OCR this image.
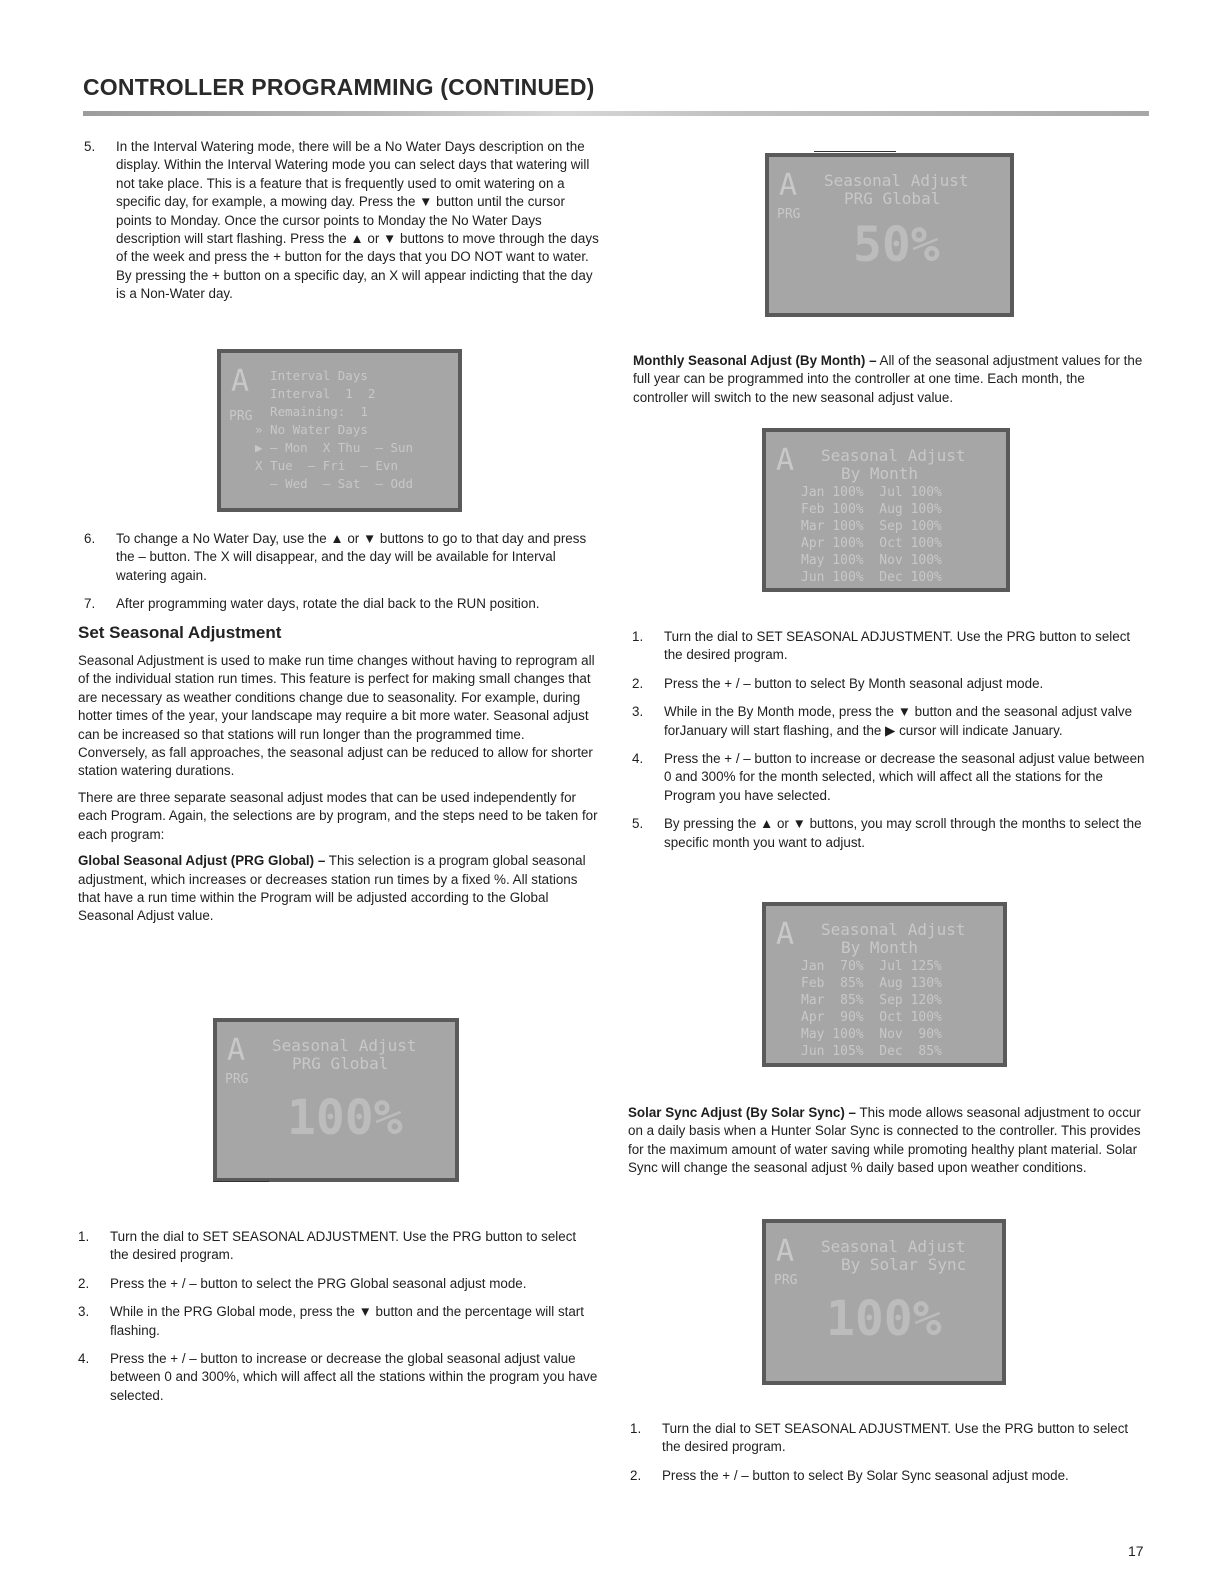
CONTROLLER PROGRAMMING (CONTINUED)
5. In the Interval Watering mode, there will be a No Water Days description on the display. Within the Interval Watering mode you can select days that watering will not take place. This is a feature that is frequently used to omit watering on a specific day, for example, a mowing day. Press the ▼ button until the cursor points to Monday. Once the cursor points to Monday the No Water Days description will start flashing. Press the ▲ or ▼ buttons to move through the days of the week and press the + button for the days that you DO NOT want to water. By pressing the + button on a specific day, an X will appear indicting that the day is a Non-Water day.
A
PRG
Interval Days
Interval  1  2
Remaining:  1
» No Water Days
▶ – Mon  X Thu  – Sun
X Tue  – Fri  – Evn
– Wed  – Sat  – Odd
6. To change a No Water Day, use the ▲ or ▼ buttons to go to that day and press the – button. The X will disappear, and the day will be available for Interval watering again.
7. After programming water days, rotate the dial back to the RUN position.
Set Seasonal Adjustment

Seasonal Adjustment is used to make run time changes without having to reprogram all of the individual station run times. This feature is perfect for making small changes that are necessary as weather conditions change due to seasonality. For example, during hotter times of the year, your landscape may require a bit more water. Seasonal adjust can be increased so that stations will run longer than the programmed time. Conversely, as fall approaches, the seasonal adjust can be reduced to allow for shorter station watering durations.

There are three separate seasonal adjust modes that can be used independently for each Program. Again, the selections are by program, and the steps need to be taken for each program:

Global Seasonal Adjust (PRG Global) – This selection is a program global seasonal adjustment, which increases or decreases station run times by a fixed %. All stations that have a run time within the Program will be adjusted according to the Global Seasonal Adjust value.

A
PRG
Seasonal Adjust
PRG Global
100%
1. Turn the dial to SET SEASONAL ADJUSTMENT. Use the PRG button to select the desired program.
2. Press the + / – button to select the PRG Global seasonal adjust mode.
3. While in the PRG Global mode, press the ▼ button and the percentage will start flashing.
4. Press the + / – button to increase or decrease the global seasonal adjust value between 0 and 300%, which will affect all the stations within the program you have selected.
A
PRG
Seasonal Adjust
PRG Global
50%

Monthly Seasonal Adjust (By Month) – All of the seasonal adjustment values for the full year can be programmed into the controller at one time. Each month, the controller will switch to the new seasonal adjust value.

A Seasonal Adjust
By Month
Jan 100%  Jul 100%
Feb 100%  Aug 100%
Mar 100%  Sep 100%
Apr 100%  Oct 100%
May 100%  Nov 100%
Jun 100%  Dec 100%
1. Turn the dial to SET SEASONAL ADJUSTMENT. Use the PRG button to select the desired program.
2. Press the + / – button to select By Month seasonal adjust mode.
3. While in the By Month mode, press the ▼ button and the seasonal adjust valve forJanuary will start flashing, and the ▶ cursor will indicate January.
4. Press the + / – button to increase or decrease the seasonal adjust value between 0 and 300% for the month selected, which will affect all the stations for the Program you have selected.
5. By pressing the ▲ or ▼ buttons, you may scroll through the months to select the specific month you want to adjust.
A Seasonal Adjust
By Month
Jan  70%  Jul 125%
Feb  85%  Aug 130%
Mar  85%  Sep 120%
Apr  90%  Oct 100%
May 100%  Nov  90%
Jun 105%  Dec  85%

Solar Sync Adjust (By Solar Sync) – This mode allows seasonal adjustment to occur on a daily basis when a Hunter Solar Sync is connected to the controller. This provides for the maximum amount of water saving while promoting healthy plant material. Solar Sync will change the seasonal adjust % daily based upon weather conditions.

A
PRG
Seasonal Adjust
By Solar Sync
100%
1. Turn the dial to SET SEASONAL ADJUSTMENT. Use the PRG button to select the desired program.
2. Press the + / – button to select By Solar Sync seasonal adjust mode.
17
